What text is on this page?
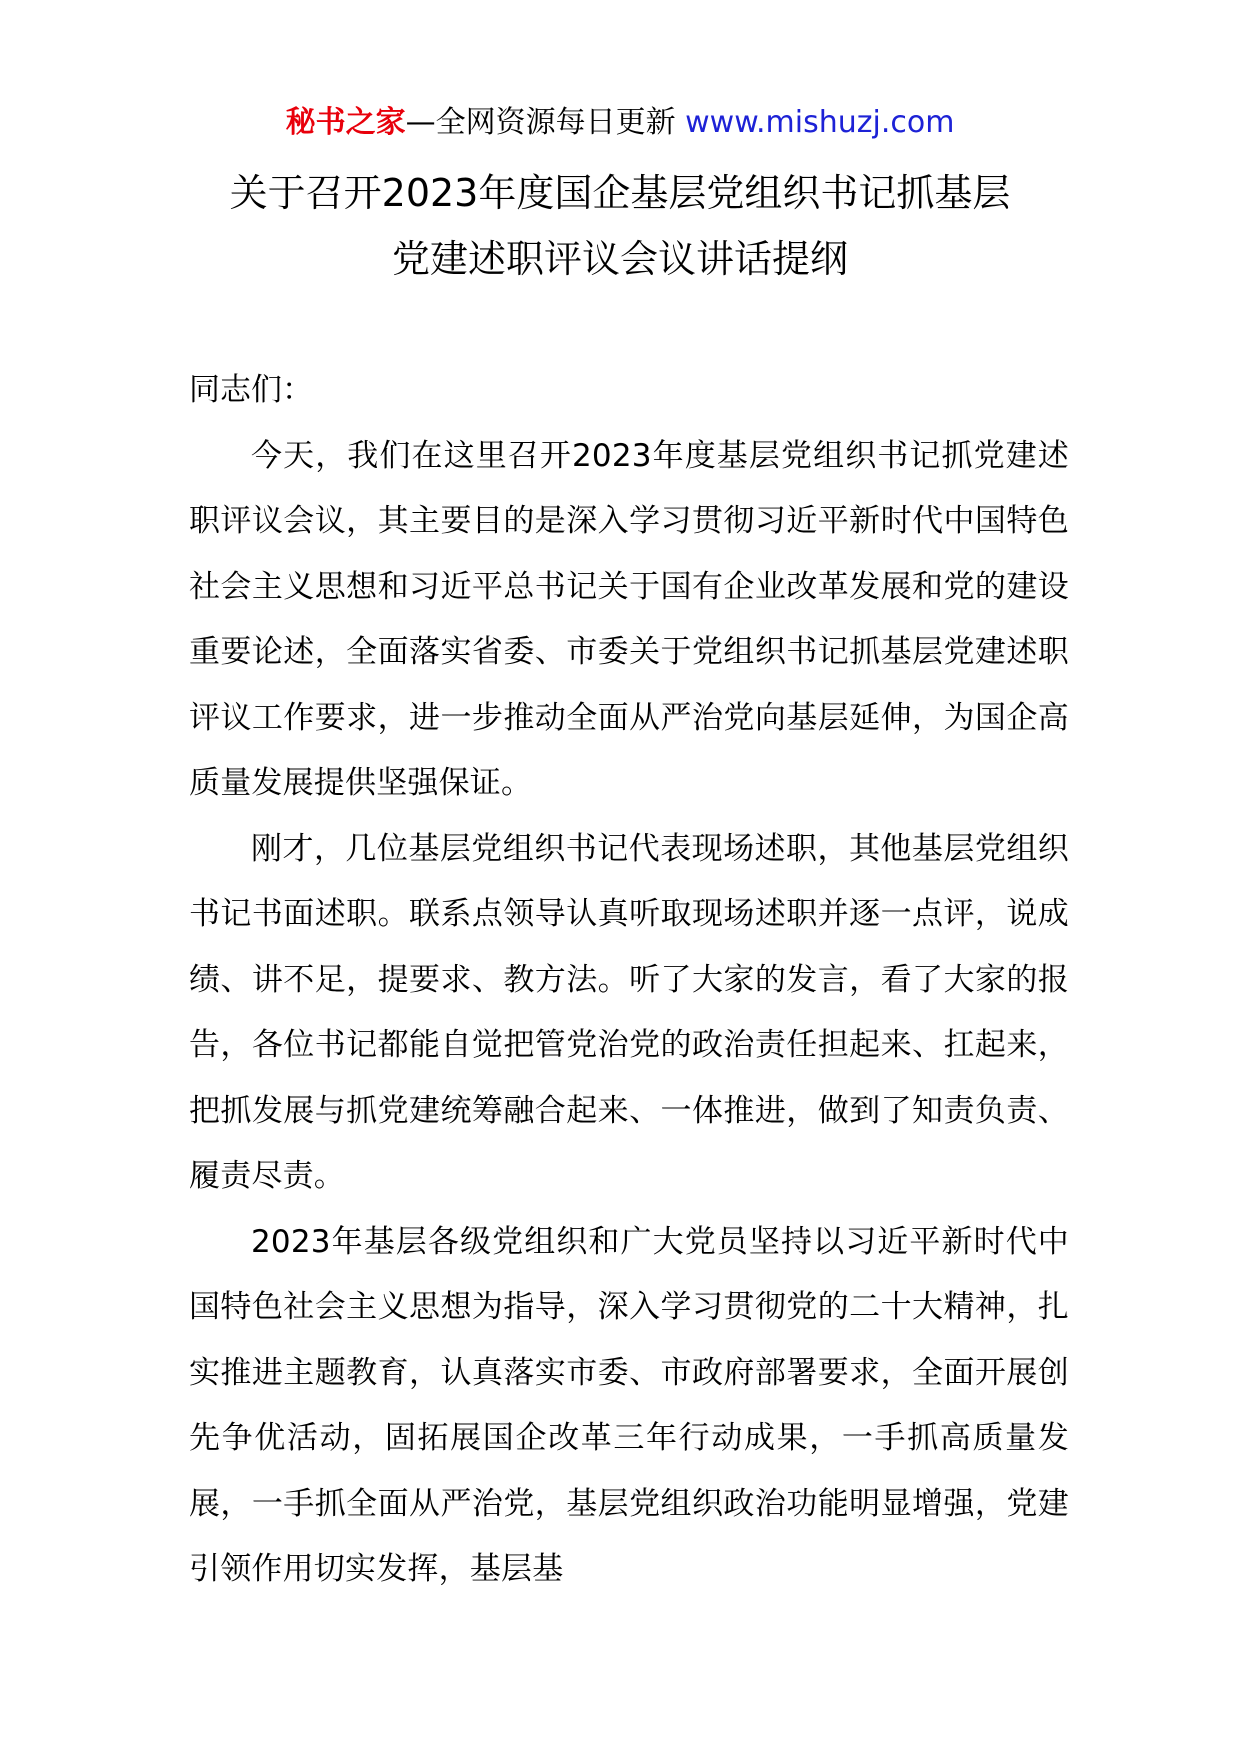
秘书之家—全网资源每日更新 www.mishuzj.com
关于召开2023年度国企基层党组织书记抓基层
党建述职评议会议讲话提纲
同志们：

今天，我们在这里召开2023年度基层党组织书记抓党建述职评议会议，其主要目的是深入学习贯彻习近平新时代中国特色社会主义思想和习近平总书记关于国有企业改革发展和党的建设重要论述，全面落实省委、市委关于党组织书记抓基层党建述职评议工作要求，进一步推动全面从严治党向基层延伸，为国企高质量发展提供坚强保证。

刚才，几位基层党组织书记代表现场述职，其他基层党组织书记书面述职。联系点领导认真听取现场述职并逐一点评，说成绩、讲不足，提要求、教方法。听了大家的发言，看了大家的报告，各位书记都能自觉把管党治党的政治责任担起来、扛起来，把抓发展与抓党建统筹融合起来、一体推进，做到了知责负责、履责尽责。

2023年基层各级党组织和广大党员坚持以习近平新时代中国特色社会主义思想为指导，深入学习贯彻党的二十大精神，扎实推进主题教育，认真落实市委、市政府部署要求，全面开展创先争优活动，固拓展国企改革三年行动成果，一手抓高质量发展，一手抓全面从严治党，基层党组织政治功能明显增强，党建引领作用切实发挥，基层基
